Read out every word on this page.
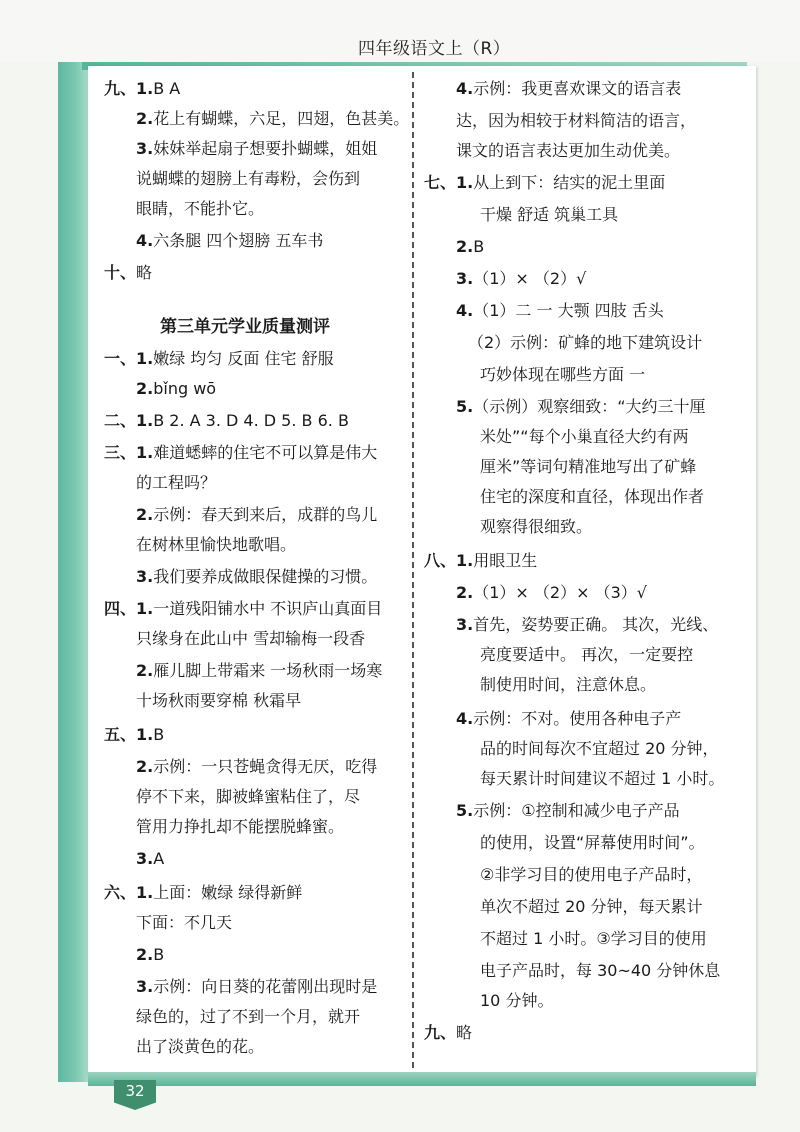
四年级语文上（R）
九、 1.B A
2.花上有蝴蝶，六足，四翅，色甚美。
3.妹妹举起扇子想要扑蝴蝶，姐姐
说蝴蝶的翅膀上有毒粉，会伤到
眼睛，不能扑它。
4.六条腿 四个翅膀 五车书
十、 略
第三单元学业质量测评
一、 1.嫩绿 均匀 反面 住宅 舒服
2.bǐng wō
二、 1.B 2. A 3. D 4. D 5. B 6. B
三、 1.难道蟋蟀的住宅不可以算是伟大
的工程吗？
2.示例：春天到来后，成群的鸟儿
在树林里愉快地歌唱。
3.我们要养成做眼保健操的习惯。
四、 1.一道残阳铺水中 不识庐山真面目
只缘身在此山中 雪却输梅一段香
2.雁儿脚上带霜来 一场秋雨一场寒
十场秋雨要穿棉 秋霜早
五、 1.B
2.示例：一只苍蝇贪得无厌，吃得
停不下来，脚被蜂蜜粘住了，尽
管用力挣扎却不能摆脱蜂蜜。
3.A
六、 1.上面：嫩绿 绿得新鲜
下面：不几天
2.B
3.示例：向日葵的花蕾刚出现时是
绿色的，过了不到一个月，就开
出了淡黄色的花。
4.示例：我更喜欢课文的语言表
达，因为相较于材料简洁的语言，
课文的语言表达更加生动优美。
七、 1.从上到下：结实的泥土里面
干燥 舒适 筑巢工具
2.B
3.（1）× （2）√
4.（1）二 一 大颚 四肢 舌头
（2）示例：矿蜂的地下建筑设计
巧妙体现在哪些方面 一
5.（示例）观察细致：“大约三十厘
米处”“每个小巢直径大约有两
厘米”等词句精准地写出了矿蜂
住宅的深度和直径，体现出作者
观察得很细致。
八、 1.用眼卫生
2.（1）× （2）× （3）√
3.首先，姿势要正确。 其次，光线、
亮度要适中。 再次，一定要控
制使用时间，注意休息。
4.示例：不对。使用各种电子产
品的时间每次不宜超过 20 分钟，
每天累计时间建议不超过 1 小时。
5.示例：①控制和减少电子产品
的使用，设置“屏幕使用时间”。
②非学习目的使用电子产品时，
单次不超过 20 分钟，每天累计
不超过 1 小时。③学习目的使用
电子产品时，每 30~40 分钟休息
10 分钟。
九、 略
32
